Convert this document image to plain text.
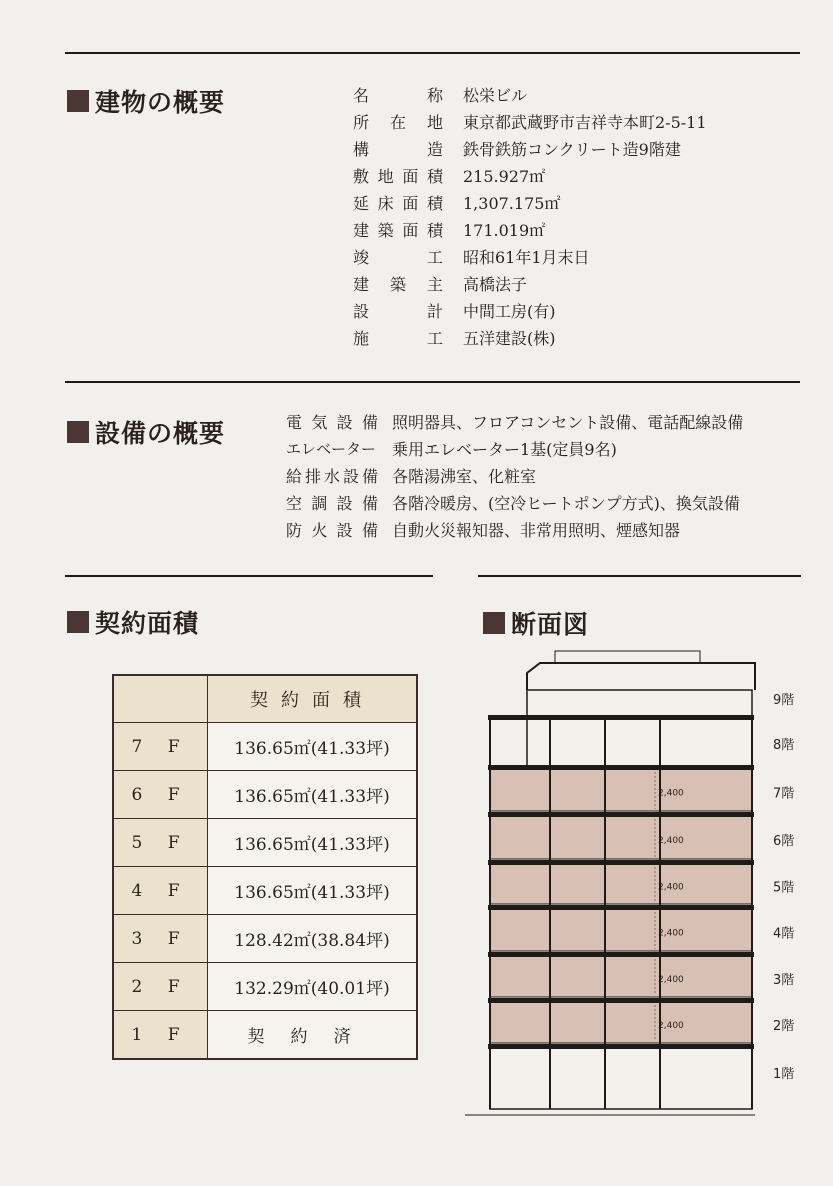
建物の概要	名称	松栄ビル
所在地	東京都武蔵野市吉祥寺本町2-5-11
構造	鉄骨鉄筋コンクリート造9階建
敷地面積	215.927㎡
延床面積	1,307.175㎡
建築面積	171.019㎡
竣工	昭和61年1月末日
建築主	高橋法子
設計	中間工房(有)
施工	五洋建設(株)
設備の概要	電気設備 照明器具、フロアコンセント設備、電話配線設備
エレベーター 乗用エレベーター1基(定員9名)
給排水設備 各階湯沸室、化粧室
空調設備 各階冷暖房、(空冷ヒートポンプ方式)、換気設備
防火設備 自動火災報知器、非常用照明、煙感知器
契約面積
	契約面積
7 F	136.65㎡(41.33坪)
6 F	136.65㎡(41.33坪)
5 F	136.65㎡(41.33坪)
4 F	136.65㎡(41.33坪)
3 F	128.42㎡(38.84坪)
2 F	132.29㎡(40.01坪)
1 F	契約済
断面図
2,400
2,400
2,400
2,400
2,400
2,400
9階
8階
7階
6階
5階
4階
3階
2階
1階
